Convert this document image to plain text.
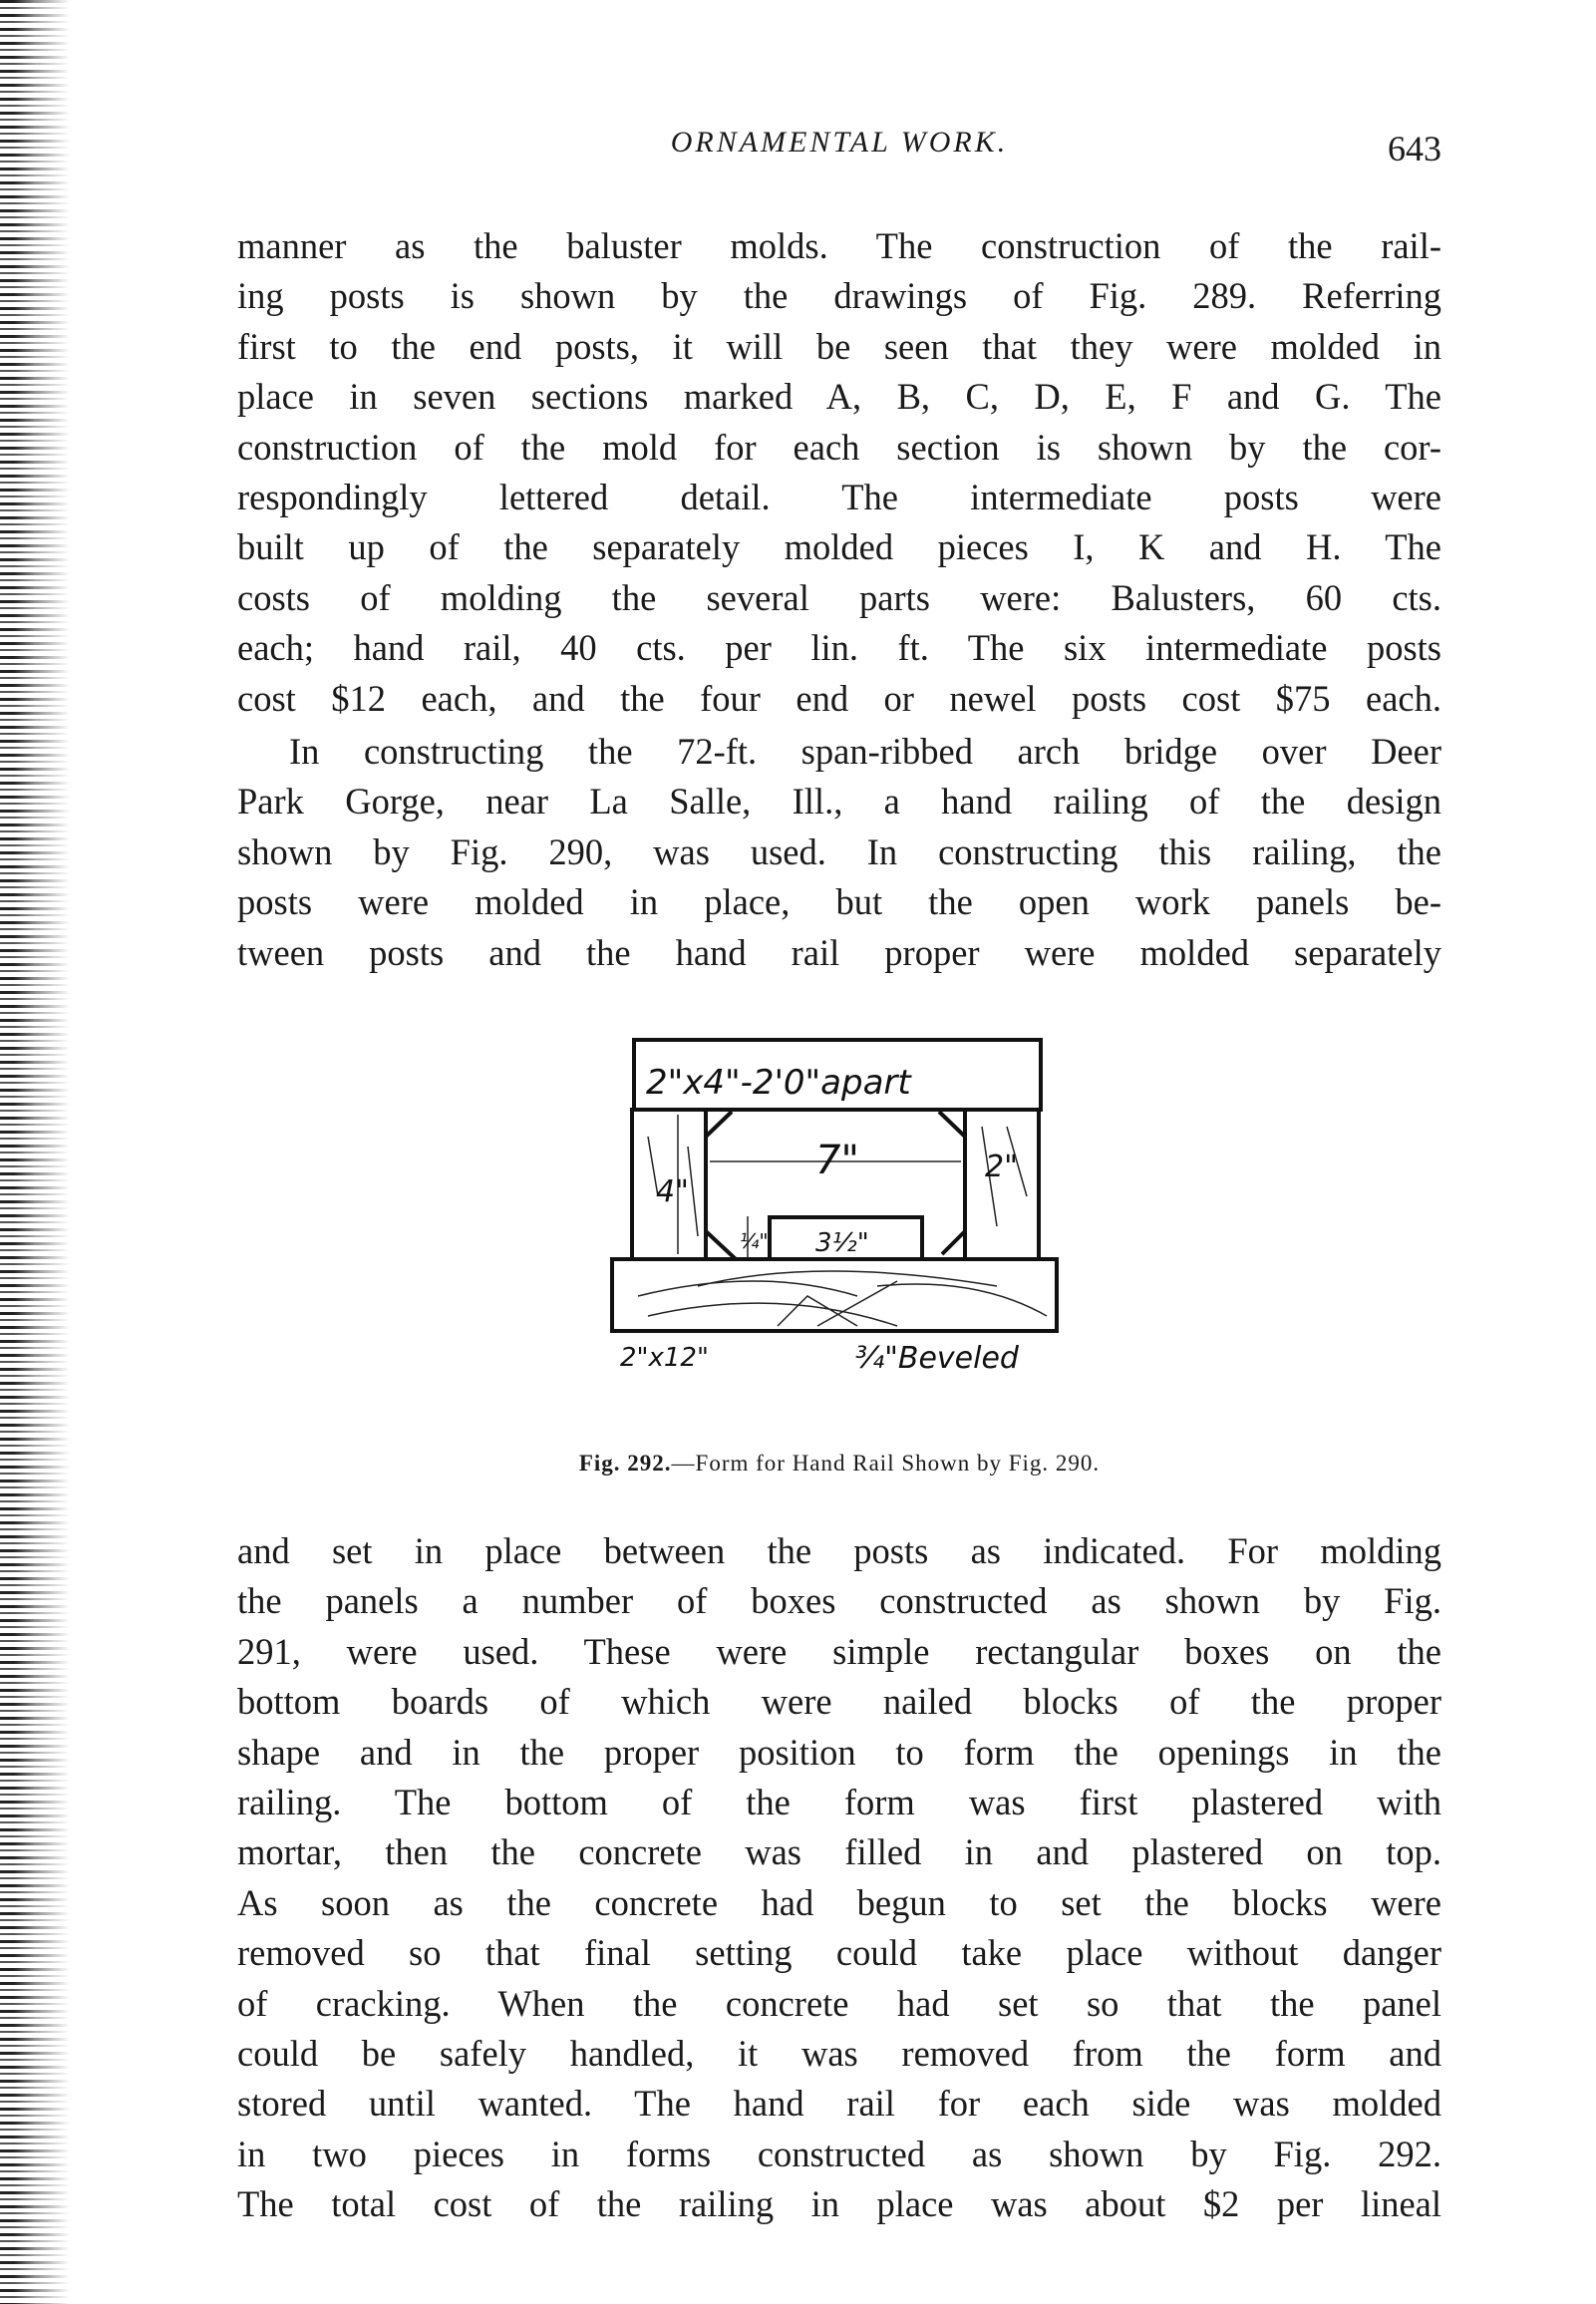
ORNAMENTAL WORK.	643
manner as the baluster molds. The construction of the rail-
ing posts is shown by the drawings of Fig. 289. Referring
first to the end posts, it will be seen that they were molded in
place in seven sections marked A, B, C, D, E, F and G. The
construction of the mold for each section is shown by the cor-
respondingly lettered detail. The intermediate posts were
built up of the separately molded pieces I, K and H. The
costs of molding the several parts were: Balusters, 60 cts.
each; hand rail, 40 cts. per lin. ft. The six intermediate posts
cost $12 each, and the four end or newel posts cost $75 each.
In constructing the 72-ft. span-ribbed arch bridge over Deer
Park Gorge, near La Salle, Ill., a hand railing of the design
shown by Fig. 290, was used. In constructing this railing, the
posts were molded in place, but the open work panels be-
tween posts and the hand rail proper were molded separately
and set in place between the posts as indicated. For molding
the panels a number of boxes constructed as shown by Fig.
291, were used. These were simple rectangular boxes on the
bottom boards of which were nailed blocks of the proper
shape and in the proper position to form the openings in the
railing. The bottom of the form was first plastered with
mortar, then the concrete was filled in and plastered on top.
As soon as the concrete had begun to set the blocks were
removed so that final setting could take place without danger
of cracking. When the concrete had set so that the panel
could be safely handled, it was removed from the form and
stored until wanted. The hand rail for each side was molded
in two pieces in forms constructed as shown by Fig. 292.
The total cost of the railing in place was about $2 per lineal
2"x4"-2'0"apart
7"	2"
4"
3½"
¼"
2"x12"	¾"Beveled
Fig. 292.—Form for Hand Rail Shown by Fig. 290.
